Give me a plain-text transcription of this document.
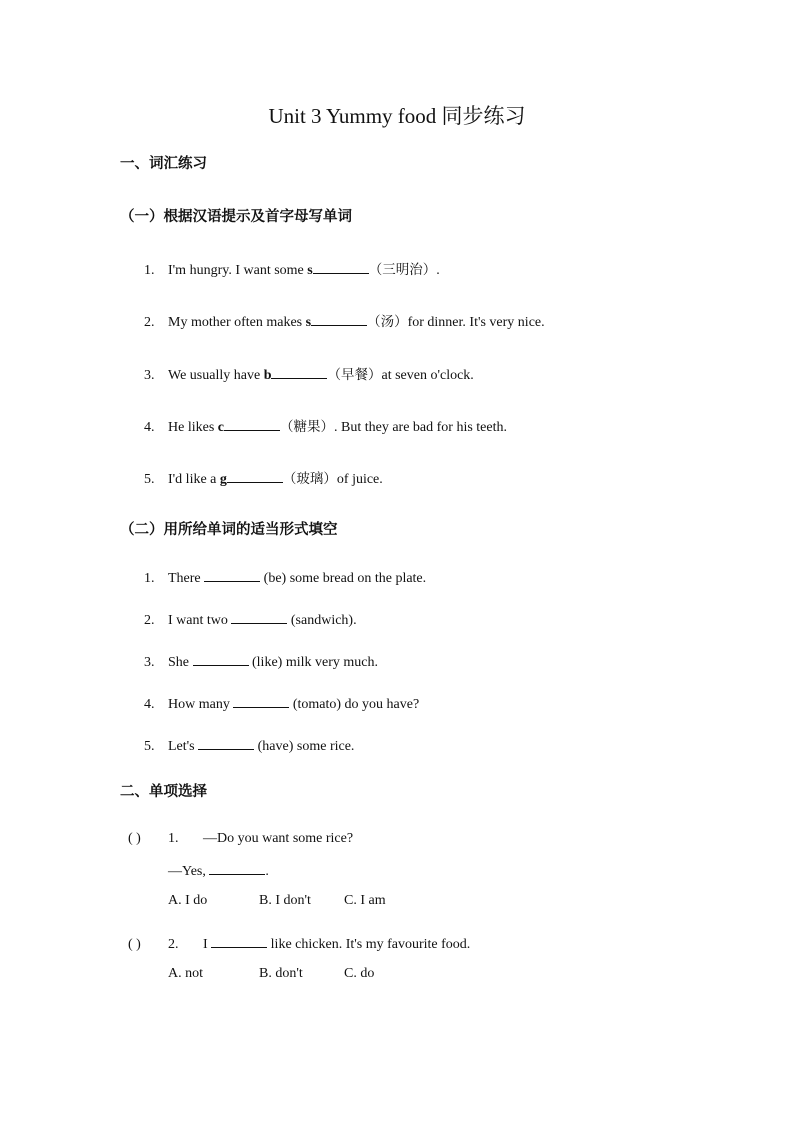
Unit 3 Yummy food 同步练习
一、词汇练习
（一）根据汉语提示及首字母写单词
1. I'm hungry. I want some s	（三明治）.
2. My mother often makes s	（汤）for dinner. It's very nice.
3. We usually have b	（早餐）at seven o'clock.
4. He likes c	（糖果）. But they are bad for his teeth.
5. I'd like a g	（玻璃）of juice.
（二）用所给单词的适当形式填空
1. There	(be) some bread on the plate.
2. I want two	(sandwich).
3. She	(like) milk very much.
4. How many	(tomato) do you have?
5. Let's	(have) some rice.
二、单项选择
( ) 1. —Do you want some rice?
—Yes,	.
A. I do	B. I don't C. I am
( ) 2. I	like chicken. It's my favourite food.
A. not	B. don't	C. do
